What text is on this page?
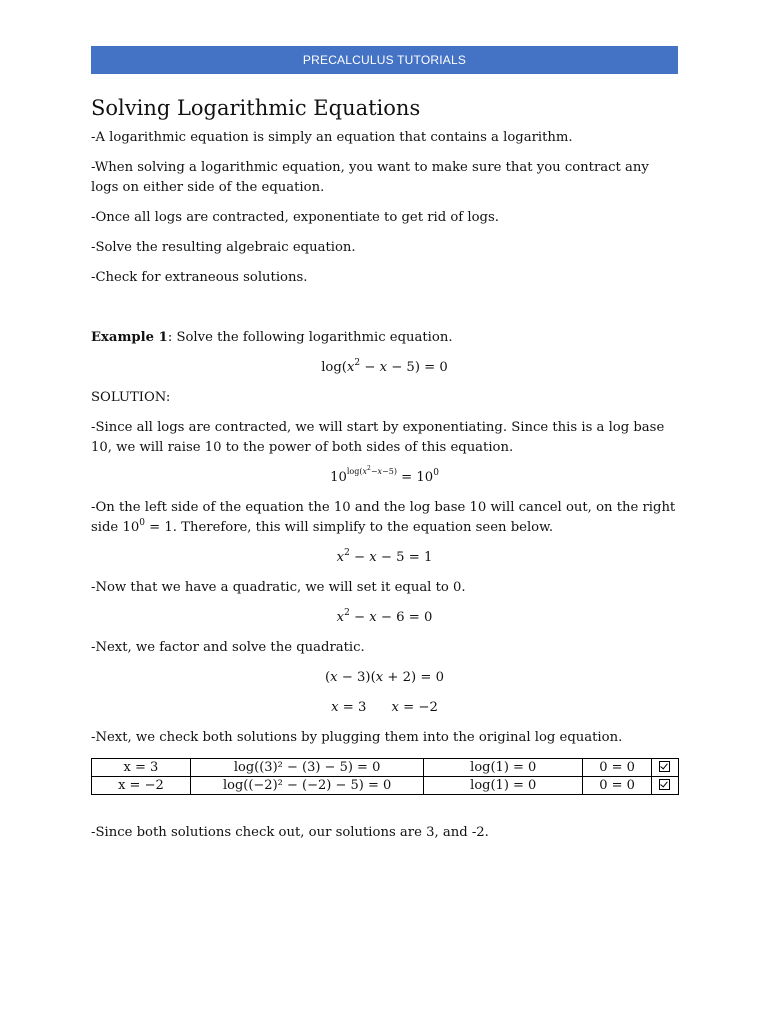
PRECALCULUS TUTORIALS
Solving Logarithmic Equations

-A logarithmic equation is simply an equation that contains a logarithm.

-When solving a logarithmic equation, you want to make sure that you contract any logs on either side of the equation.

-Once all logs are contracted, exponentiate to get rid of logs.

-Solve the resulting algebraic equation.

-Check for extraneous solutions.

Example 1: Solve the following logarithmic equation.

$\log(x^2 - x - 5) = 0$

SOLUTION:

-Since all logs are contracted, we will start by exponentiating. Since this is a log base 10, we will raise 10 to the power of both sides of this equation.

$10^{log(x^2-x-5)} = 10^0$

-On the left side of the equation the 10 and the log base 10 will cancel out, on the right side $10^0 = 1$. Therefore, this will simplify to the equation seen below.

$x^2 - x - 5 = 1$

-Now that we have a quadratic, we will set it equal to 0.

$x^2 - x - 6 = 0$

-Next, we factor and solve the quadratic.

(x − 3)(x + 2) = 0

x = 3      x = −2

-Next, we check both solutions by plugging them into the original log equation.

x = 3	log((3)² − (3) − 5) = 0	log(1) = 0	0 = 0	
x = −2	log((−2)² − (−2) − 5) = 0	log(1) = 0	0 = 0	

-Since both solutions check out, our solutions are 3, and -2.
